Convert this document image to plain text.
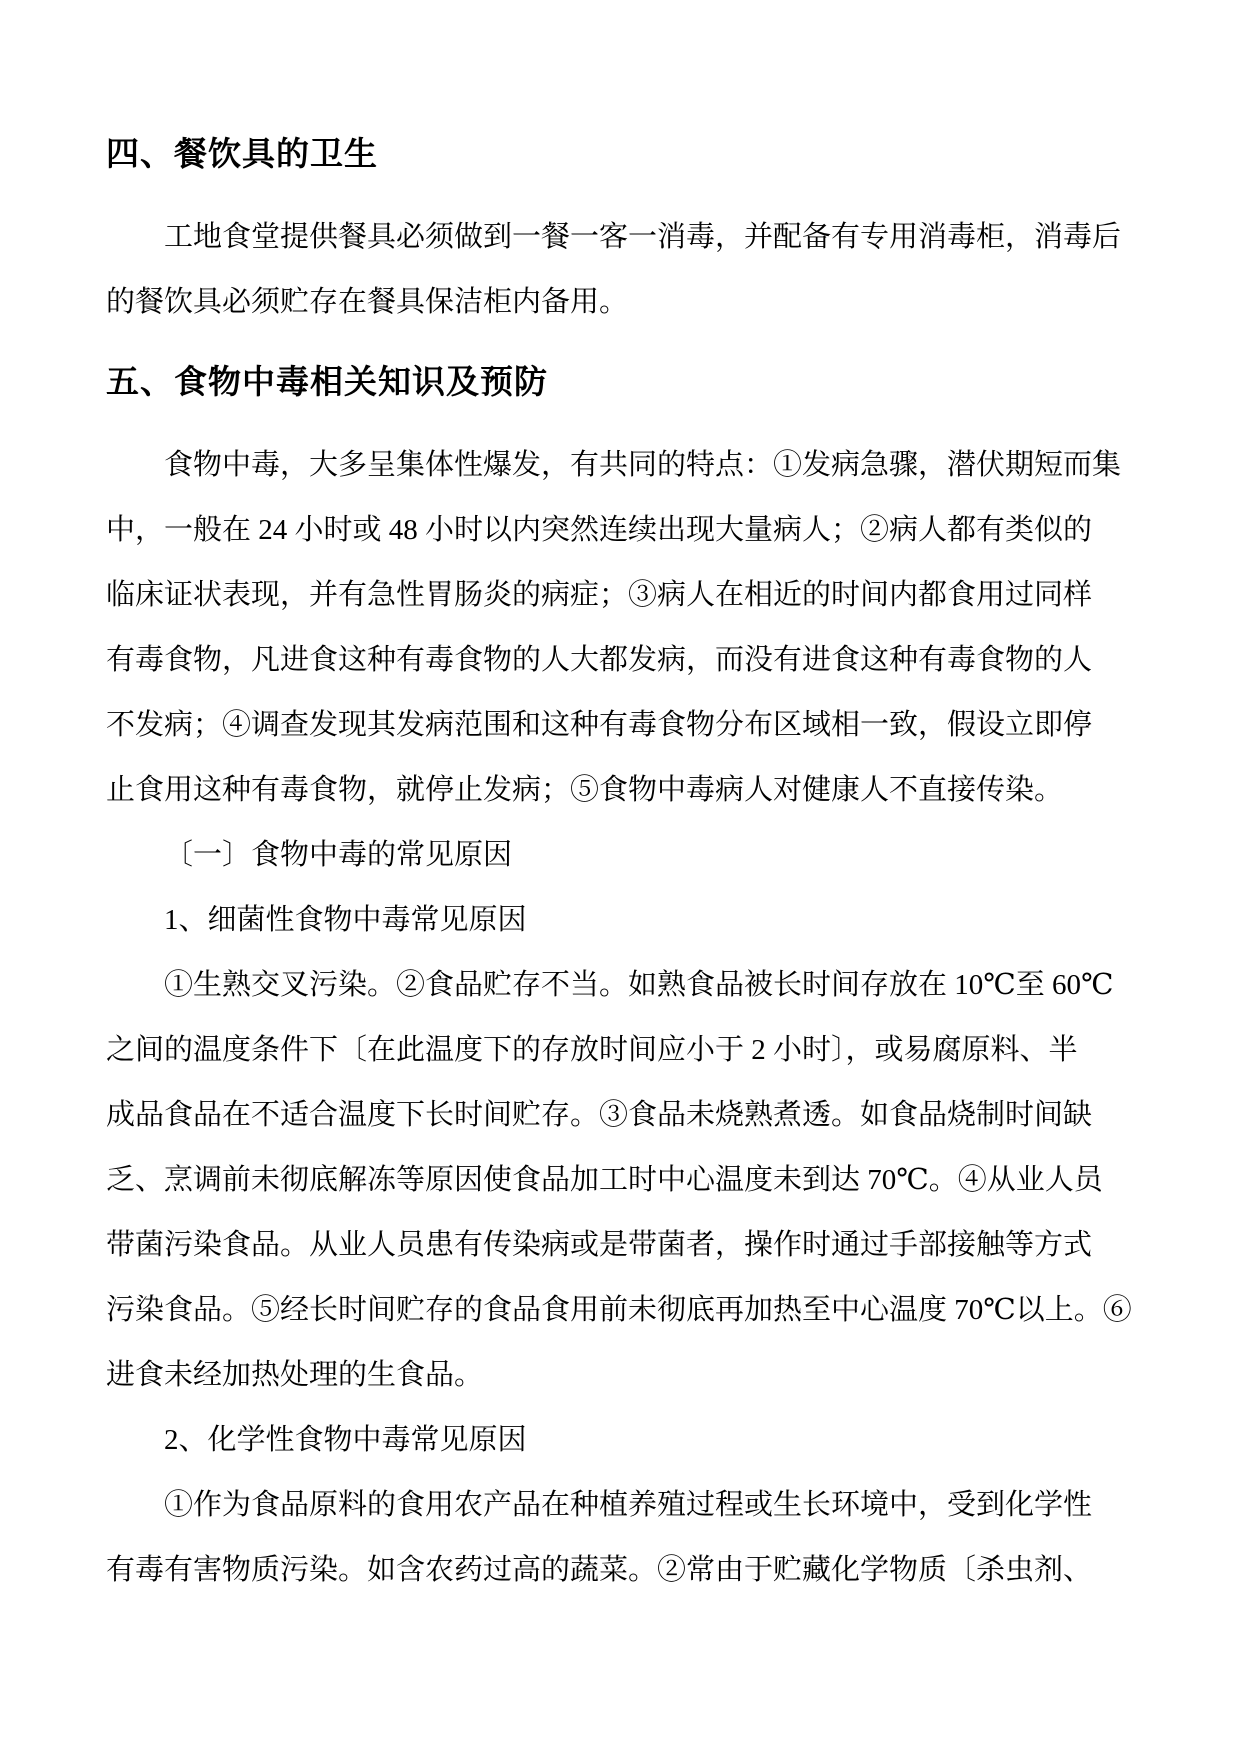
四、餐饮具的卫生

工地食堂提供餐具必须做到一餐一客一消毒，并配备有专用消毒柜，消毒后
的餐饮具必须贮存在餐具保洁柜内备用。

五、食物中毒相关知识及预防

食物中毒，大多呈集体性爆发，有共同的特点：①发病急骤，潜伏期短而集
中，一般在 24 小时或 48 小时以内突然连续出现大量病人；②病人都有类似的
临床证状表现，并有急性胃肠炎的病症；③病人在相近的时间内都食用过同样
有毒食物，凡进食这种有毒食物的人大都发病，而没有进食这种有毒食物的人
不发病；④调查发现其发病范围和这种有毒食物分布区域相一致，假设立即停
止食用这种有毒食物，就停止发病；⑤食物中毒病人对健康人不直接传染。

〔一〕食物中毒的常见原因

1、细菌性食物中毒常见原因

①生熟交叉污染。②食品贮存不当。如熟食品被长时间存放在 10℃至 60℃
之间的温度条件下〔在此温度下的存放时间应小于 2 小时〕，或易腐原料、半
成品食品在不适合温度下长时间贮存。③食品未烧熟煮透。如食品烧制时间缺
乏、烹调前未彻底解冻等原因使食品加工时中心温度未到达 70℃。④从业人员
带菌污染食品。从业人员患有传染病或是带菌者，操作时通过手部接触等方式
污染食品。⑤经长时间贮存的食品食用前未彻底再加热至中心温度 70℃以上。⑥
进食未经加热处理的生食品。

2、化学性食物中毒常见原因

①作为食品原料的食用农产品在种植养殖过程或生长环境中，受到化学性
有毒有害物质污染。如含农药过高的蔬菜。②常由于贮藏化学物质〔杀虫剂、
